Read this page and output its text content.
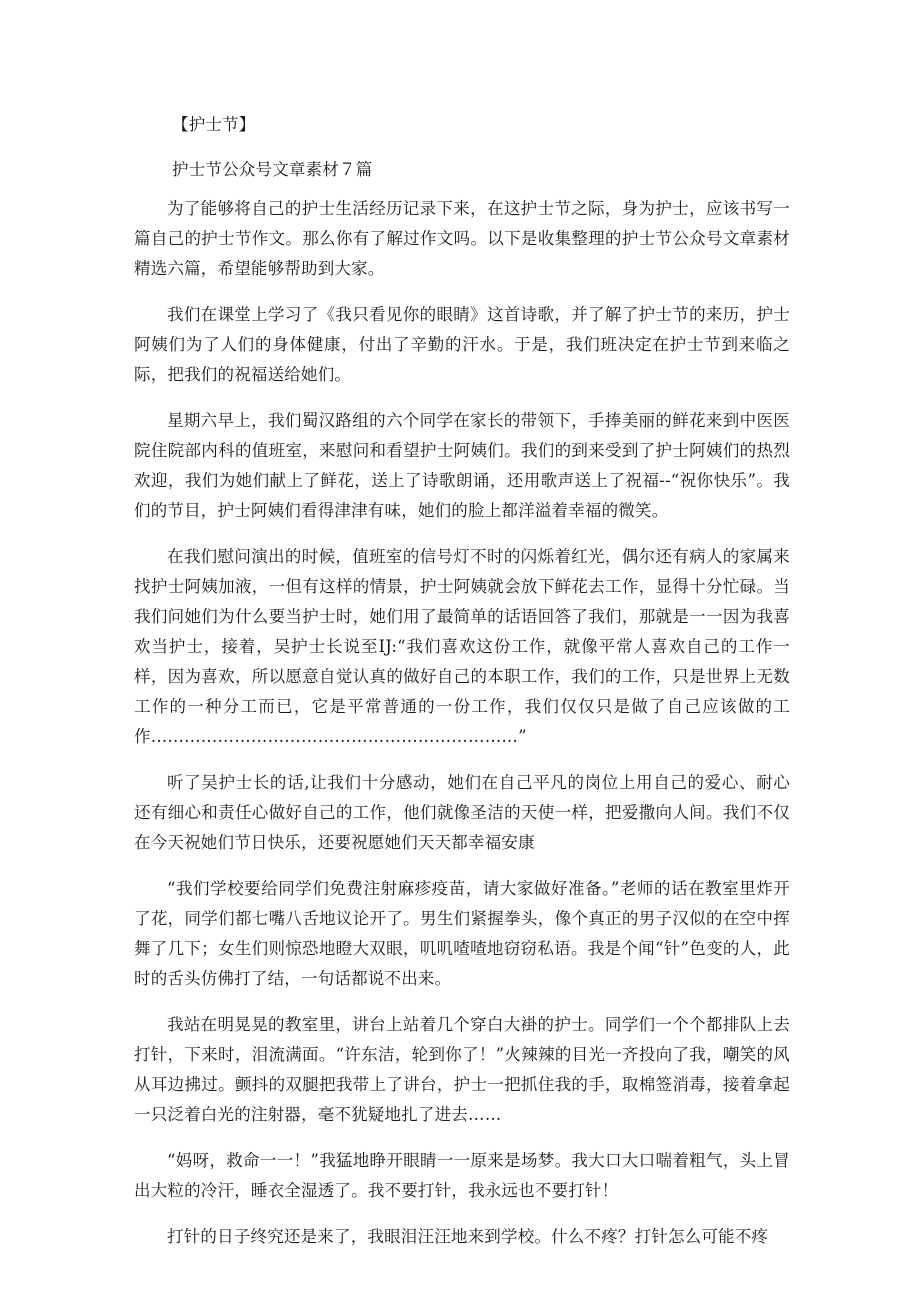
【护士节】
护士节公众号文章素材７篇

为了能够将自己的护士生活经历记录下来，在这护士节之际，身为护士，应该书写一篇自己的护士节作文。那么你有了解过作文吗。以下是收集整理的护士节公众号文章素材精选六篇，希望能够帮助到大家。

我们在课堂上学习了《我只看见你的眼睛》这首诗歌，并了解了护士节的来历，护士阿姨们为了人们的身体健康，付出了辛勤的汗水。于是，我们班决定在护士节到来临之际，把我们的祝福送给她们。

星期六早上，我们蜀汉路组的六个同学在家长的带领下，手捧美丽的鲜花来到中医医院住院部内科的值班室，来慰问和看望护士阿姨们。我们的到来受到了护士阿姨们的热烈欢迎，我们为她们献上了鲜花，送上了诗歌朗诵，还用歌声送上了祝福--“祝你快乐”。我们的节目，护士阿姨们看得津津有味，她们的脸上都洋溢着幸福的微笑。

在我们慰问演出的时候，值班室的信号灯不时的闪烁着红光，偶尔还有病人的家属来找护士阿姨加液，一但有这样的情景，护士阿姨就会放下鲜花去工作，显得十分忙碌。当我们问她们为什么要当护士时，她们用了最简单的话语回答了我们，那就是一一因为我喜欢当护士，接着，吴护士长说至IJ:“我们喜欢这份工作，就像平常人喜欢自己的工作一样，因为喜欢，所以愿意自觉认真的做好自己的本职工作，我们的工作，只是世界上无数工作的一种分工而已，它是平常普通的一份工作，我们仅仅只是做了自己应该做的工作…………………………………………………………”

听了吴护士长的话,让我们十分感动，她们在自己平凡的岗位上用自己的爱心、耐心还有细心和责任心做好自己的工作，他们就像圣洁的天使一样，把爱撒向人间。我们不仅在今天祝她们节日快乐，还要祝愿她们天天都幸福安康

“我们学校要给同学们免费注射麻疹疫苗，请大家做好准备。”老师的话在教室里炸开了花，同学们都七嘴八舌地议论开了。男生们紧握拳头，像个真正的男子汉似的在空中挥舞了几下；女生们则惊恐地瞪大双眼，叽叽喳喳地窃窃私语。我是个闻“针”色变的人，此时的舌头仿佛打了结，一句话都说不出来。

我站在明晃晃的教室里，讲台上站着几个穿白大褂的护士。同学们一个个都排队上去打针，下来时，泪流满面。“许东洁，轮到你了！”火辣辣的目光一齐投向了我，嘲笑的风从耳边拂过。颤抖的双腿把我带上了讲台，护士一把抓住我的手，取棉签消毒，接着拿起一只泛着白光的注射器，毫不犹疑地扎了进去……

“妈呀，救命一一！”我猛地睁开眼睛一一原来是场梦。我大口大口喘着粗气，头上冒出大粒的冷汗，睡衣全湿透了。我不要打针，我永远也不要打针！

打针的日子终究还是来了，我眼泪汪汪地来到学校。什么不疼？打针怎么可能不疼
